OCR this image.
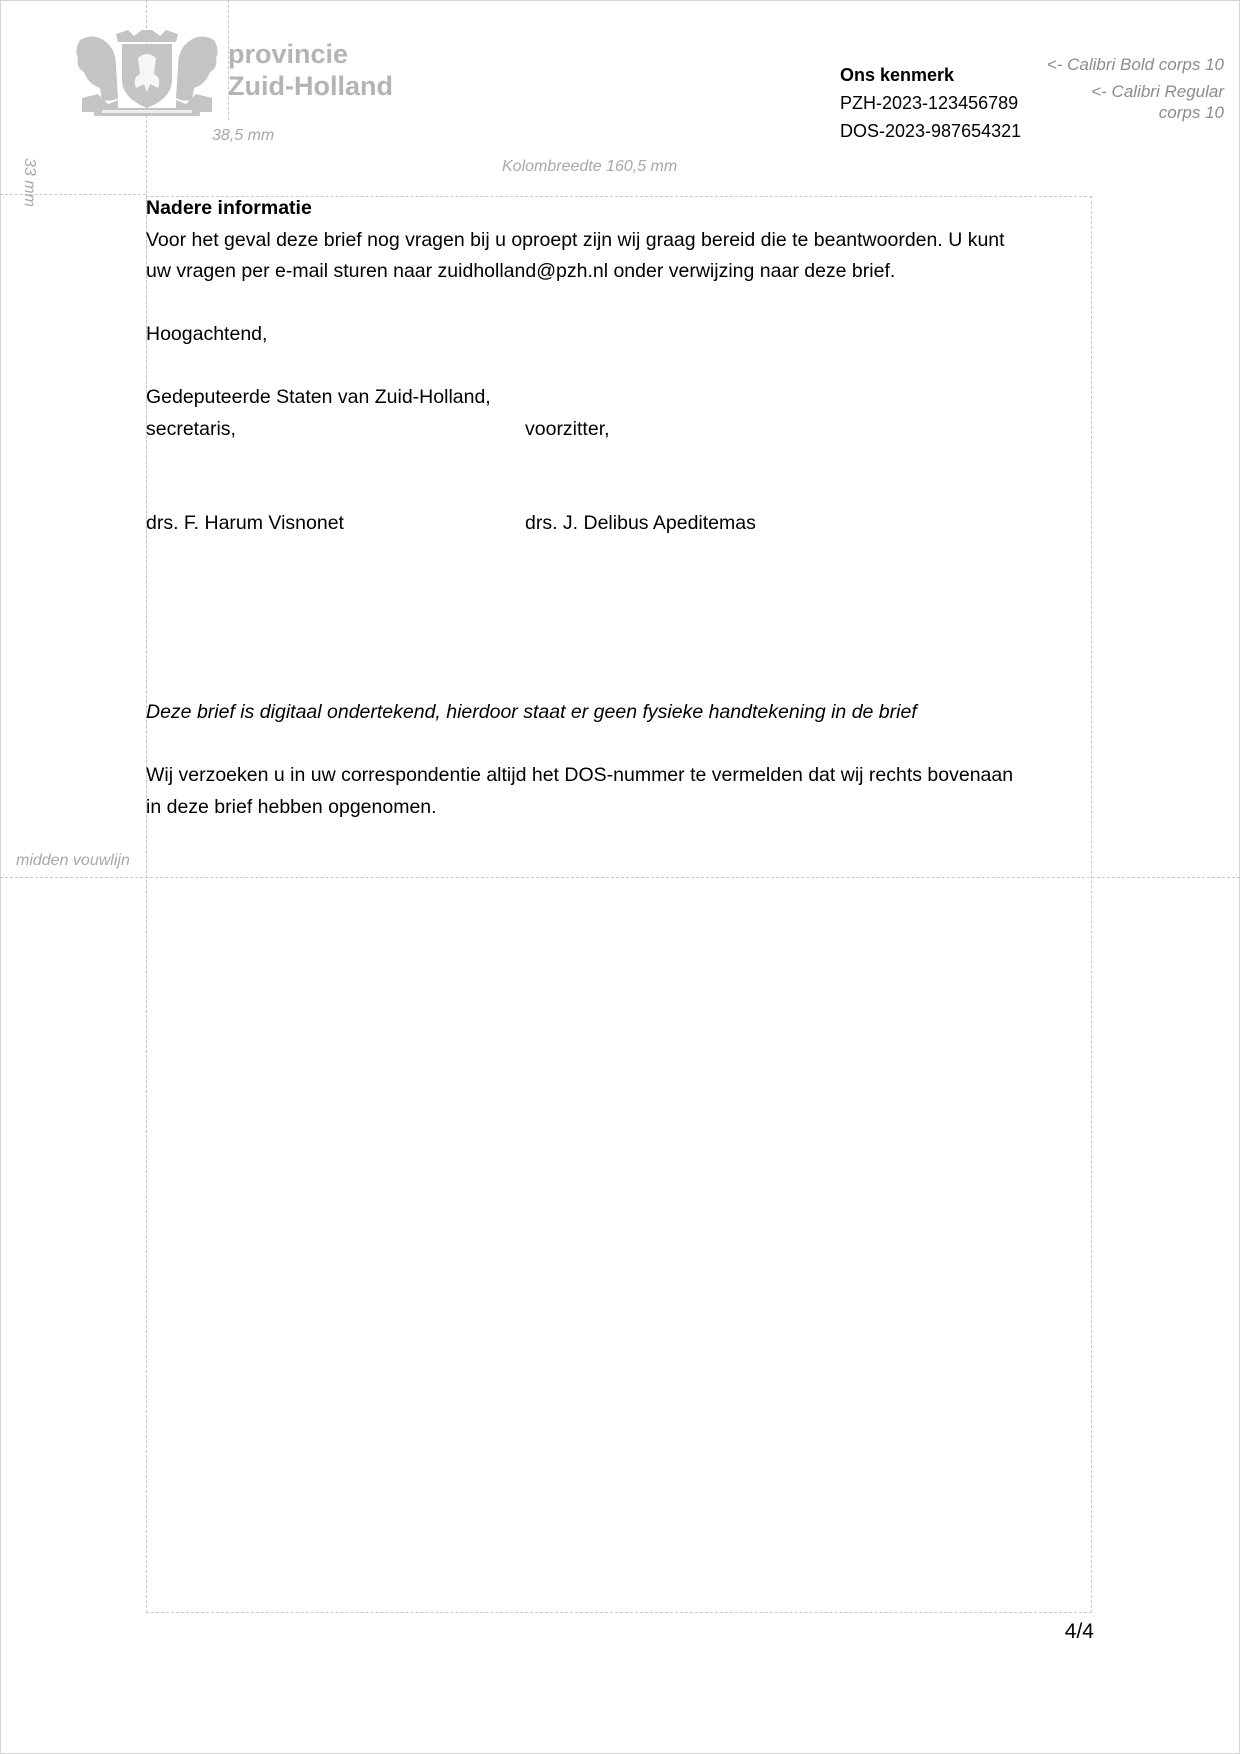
38,5 mm
Kolombreedte 160,5 mm
33 mm
midden vouwlijn
provincie
Zuid-Holland	Ons kenmerk
PZH-2023-123456789
DOS-2023-987654321
<- Calibri Bold corps 10
<- Calibri Regular
corps 10

Nadere informatie

Voor het geval deze brief nog vragen bij u oproept zijn wij graag bereid die te beantwoorden. U kunt

uw vragen per e-mail sturen naar zuidholland@pzh.nl onder verwijzing naar deze brief.

Hoogachtend,

Gedeputeerde Staten van Zuid-Holland,

secretaris,	voorzitter,
drs. F. Harum Visnonet	drs. J. Delibus Apeditemas

Deze brief is digitaal ondertekend, hierdoor staat er geen fysieke handtekening in de brief

Wij verzoeken u in uw correspondentie altijd het DOS-nummer te vermelden dat wij rechts bovenaan

in deze brief hebben opgenomen.

4/4
